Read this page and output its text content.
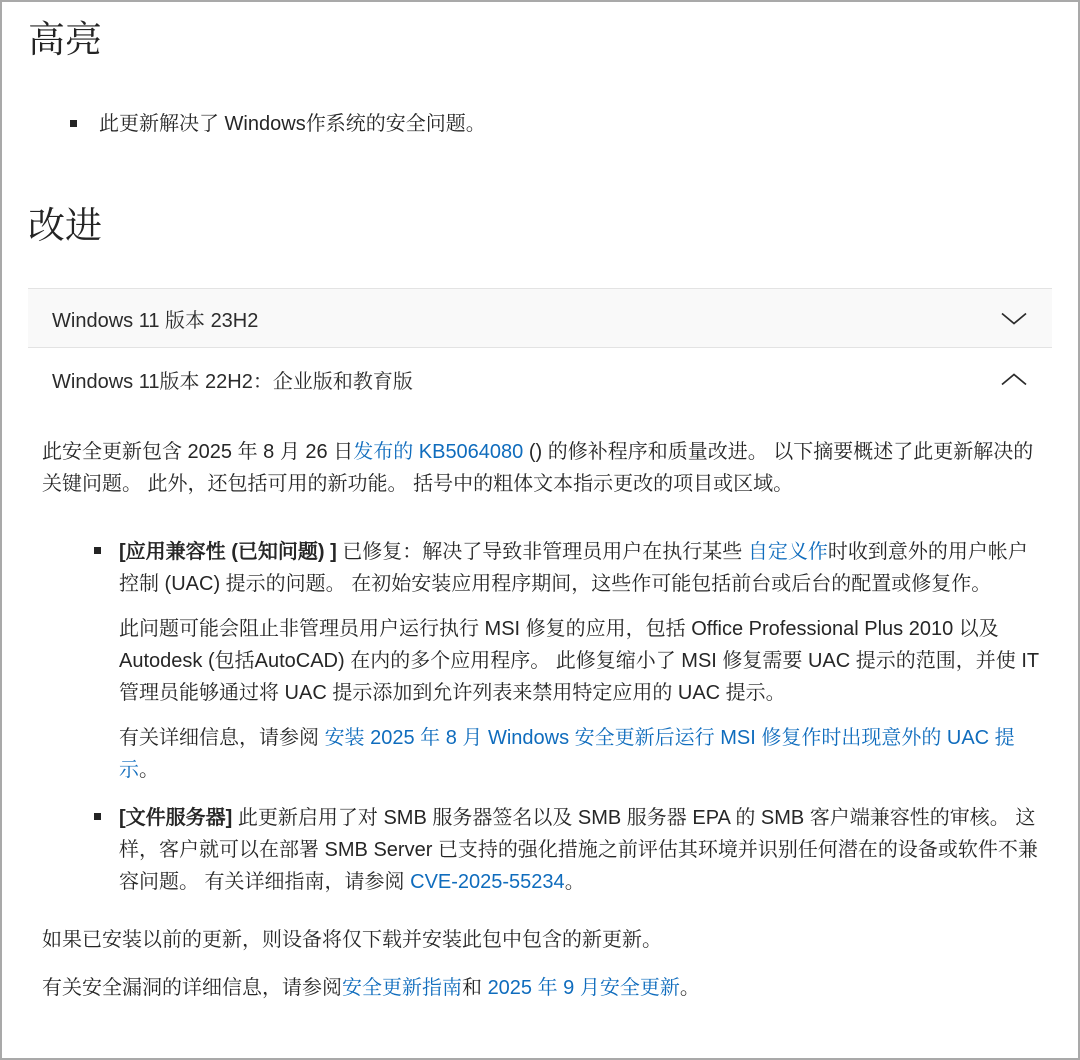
高亮
此更新解决了 Windows作系统的安全问题。
改进
Windows 11 版本 23H2
Windows 11版本 22H2：企业版和教育版

此安全更新包含 2025 年 8 月 26 日发布的 KB5064080 () 的修补程序和质量改进。 以下摘要概述了此更新解决的关键问题。 此外，还包括可用的新功能。 括号中的粗体文本指示更改的项目或区域。

[应用兼容性 (已知问题) ] 已修复：解决了导致非管理员用户在执行某些 自定义作时收到意外的用户帐户控制 (UAC) 提示的问题。 在初始安装应用程序期间，这些作可能包括前台或后台的配置或修复作。

此问题可能会阻止非管理员用户运行执行 MSI 修复的应用，包括 Office Professional Plus 2010 以及 Autodesk (包括AutoCAD) 在内的多个应用程序。 此修复缩小了 MSI 修复需要 UAC 提示的范围，并使 IT 管理员能够通过将 UAC 提示添加到允许列表来禁用特定应用的 UAC 提示。

有关详细信息，请参阅 安装 2025 年 8 月 Windows 安全更新后运行 MSI 修复作时出现意外的 UAC 提示。

[文件服务器] 此更新启用了对 SMB 服务器签名以及 SMB 服务器 EPA 的 SMB 客户端兼容性的审核。 这样，客户就可以在部署 SMB Server 已支持的强化措施之前评估其环境并识别任何潜在的设备或软件不兼容问题。 有关详细指南，请参阅 CVE-2025-55234。

如果已安装以前的更新，则设备将仅下载并安装此包中包含的新更新。

有关安全漏洞的详细信息，请参阅安全更新指南和 2025 年 9 月安全更新。
